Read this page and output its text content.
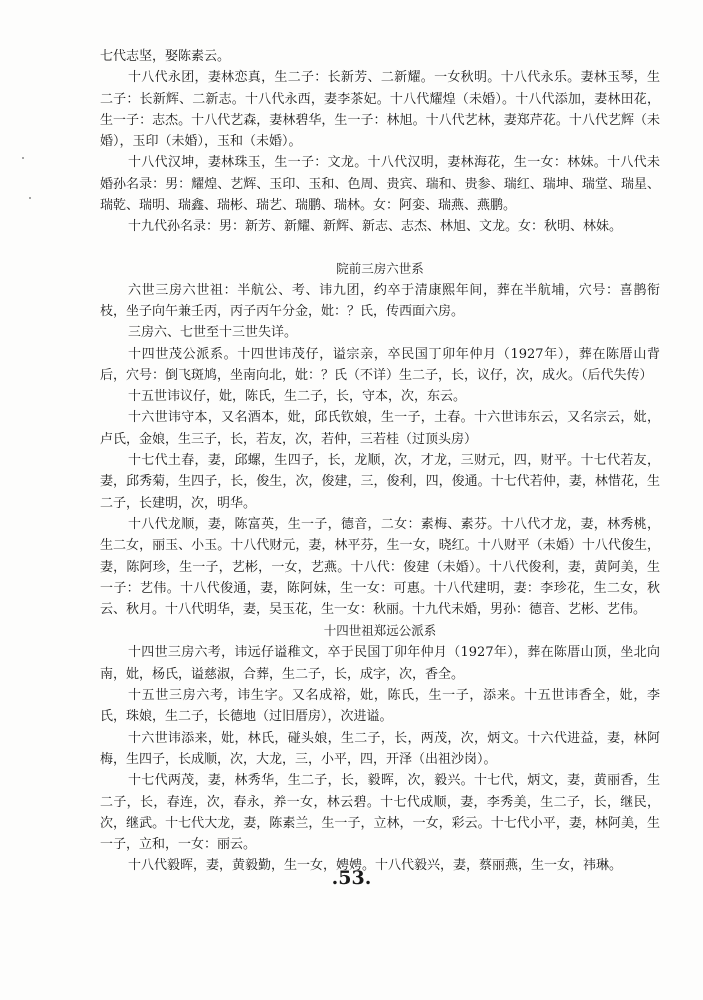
七代志坚，娶陈素云。

十八代永团，妻林恋真，生二子：长新芳、二新耀。一女秋明。十八代永乐。妻林玉琴，生二子：长新辉、二新志。十八代永西，妻李茶妃。十八代耀煌（未婚）。十八代添加，妻林田花，生一子：志杰。十八代艺森，妻林碧华，生一子：林旭。十八代艺林，妻郑芹花。十八代艺辉（未婚），玉印（未婚），玉和（未婚）。

十八代汉坤，妻林珠玉，生一子：文龙。十八代汉明，妻林海花，生一女：林妹。十八代未婚孙名录：男：耀煌、艺辉、玉印、玉和、色周、贵宾、瑞和、贵参、瑞红、瑞坤、瑞堂、瑞星、瑞乾、瑞明、瑞鑫、瑞彬、瑞艺、瑞鹏、瑞林。女：阿娈、瑞燕、燕鹏。

十九代孙名录：男：新芳、新耀、新辉、新志、志杰、林旭、文龙。女：秋明、林妹。

院前三房六世系

六世三房六世祖：半航公、考、讳九团，约卒于清康熙年间，葬在半航埔，穴号：喜鹊衔枝，坐子向午兼壬丙，丙子丙午分金，妣：？氏，传西面六房。

三房六、七世至十三世失详。

十四世茂公派系。十四世讳茂仔，谥宗亲，卒民国丁卯年仲月（1927年），葬在陈厝山背后，穴号：倒飞斑鸠，坐南向北，妣：？氏（不详）生二子，长，议仔，次，成火。（后代失传）

十五世讳议仔，妣，陈氏，生二子，长，守本，次，东云。

十六世讳守本，又名酒本，妣，邱氏钦娘，生一子，土春。十六世讳东云，又名宗云，妣，卢氏，金娘，生三子，长，若友，次，若仲，三若桂（过顶头房）

十七代土春，妻，邱螺，生四子，长，龙顺，次，才龙，三财元，四，财平。十七代若友，妻，邱秀菊，生四子，长，俊生，次，俊建，三，俊利，四，俊通。十七代若仲，妻，林惜花，生二子，长建明，次，明华。

十八代龙顺，妻，陈富英，生一子，德音，二女：素梅、素芬。十八代才龙，妻，林秀桃，生二女，丽玉、小玉。十八代财元，妻，林平芬，生一女，晓红。十八财平（未婚）十八代俊生，妻，陈阿珍，生一子，艺彬，一女，艺燕。十八代：俊建（未婚）。十八代俊利，妻，黄阿美，生一子：艺伟。十八代俊通，妻，陈阿妹，生一女：可惠。十八代建明，妻：李珍花，生二女，秋云、秋月。十八代明华，妻，吴玉花，生一女：秋丽。十九代未婚，男孙：德音、艺彬、艺伟。

十四世祖郑远公派系

十四世三房六考，讳远仔谥稚文，卒于民国丁卯年仲月（1927年），葬在陈厝山顶，坐北向南，妣，杨氏，谥慈淑，合葬，生二子，长，成字，次，香全。

十五世三房六考，讳生字。又名成裕，妣，陈氏，生一子，添来。十五世讳香全，妣，李氏，珠娘，生二子，长德地（过旧厝房），次进谥。

十六世讳添来，妣，林氏，碰头娘，生二子，长，两茂，次，炳文。十六代进益，妻，林阿梅，生四子，长成顺，次，大龙，三，小平，四，开泽（出祖沙岗）。

十七代两茂，妻，林秀华，生二子，长，毅晖，次，毅兴。十七代，炳文，妻，黄丽香，生二子，长，春连，次，春永，养一女，林云碧。十七代成顺，妻，李秀美，生二子，长，继民，次，继武。十七代大龙，妻，陈素兰，生一子，立林，一女，彩云。十七代小平，妻，林阿美，生一子，立和，一女：丽云。

十八代毅晖，妻，黄毅勤，生一女，娉娉。十八代毅兴，妻，蔡丽燕，生一女，祎琳。

.53.
